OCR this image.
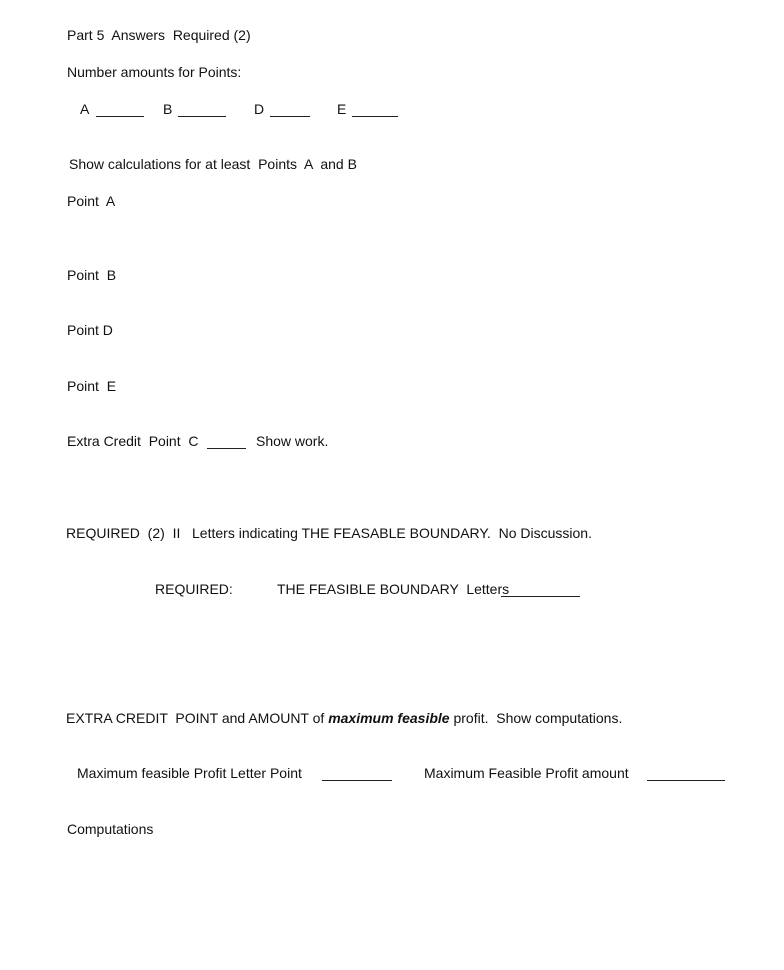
Part 5  Answers  Required (2)
Number amounts for Points:
A	B	D	E
Show calculations for at least  Points  A  and B
Point  A
Point  B
Point D
Point  E
Extra Credit  Point  C	Show work.
REQUIRED  (2)  II   Letters indicating THE FEASABLE BOUNDARY.  No Discussion.
REQUIRED:	THE FEASIBLE BOUNDARY  Letters
EXTRA CREDIT  POINT and AMOUNT of maximum feasible profit.  Show computations.
Maximum feasible Profit Letter Point	Maximum Feasible Profit amount
Computations
